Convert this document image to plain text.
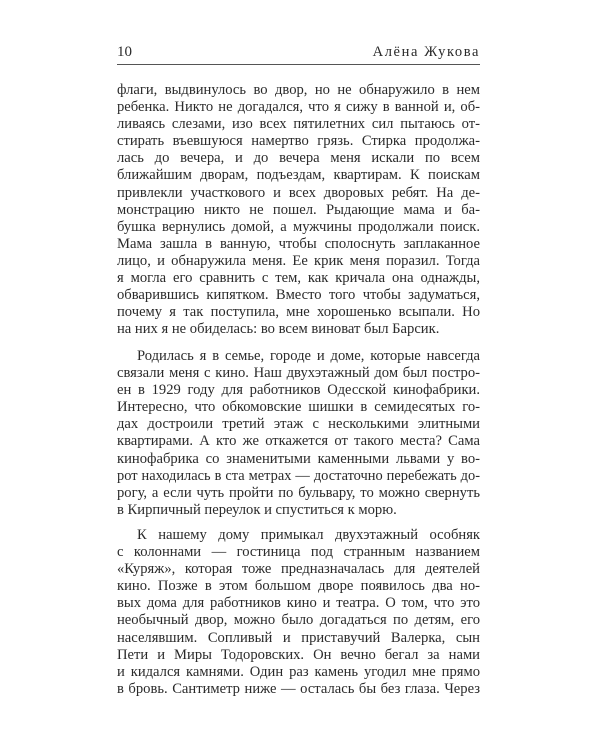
10	Алёна Жукова
флаги, выдвинулось во двор, но не обнаружило в нем
ребенка. Никто не догадался, что я сижу в ванной и, об-
ливаясь слезами, изо всех пятилетних сил пытаюсь от-
стирать въевшуюся намертво грязь. Стирка продолжа-
лась до вечера, и до вечера меня искали по всем
ближайшим дворам, подъездам, квартирам. К поискам
привлекли участкового и всех дворовых ребят. На де-
монстрацию никто не пошел. Рыдающие мама и ба-
бушка вернулись домой, а мужчины продолжали поиск.
Мама зашла в ванную, чтобы сполоснуть заплаканное
лицо, и обнаружила меня. Ее крик меня поразил. Тогда
я могла его сравнить с тем, как кричала она однажды,
обварившись кипятком. Вместо того чтобы задуматься,
почему я так поступила, мне хорошенько всыпали. Но
на них я не обиделась: во всем виноват был Барсик.
Родилась я в семье, городе и доме, которые навсегда
связали меня с кино. Наш двухэтажный дом был постро-
ен в 1929 году для работников Одесской кинофабрики.
Интересно, что обкомовские шишки в семидесятых го-
дах достроили третий этаж с несколькими элитными
квартирами. А кто же откажется от такого места? Сама
кинофабрика со знаменитыми каменными львами у во-
рот находилась в ста метрах — достаточно перебежать до-
рогу, а если чуть пройти по бульвару, то можно свернуть
в Кирпичный переулок и спуститься к морю.
К нашему дому примыкал двухэтажный особняк
с колоннами — гостиница под странным названием
«Куряж», которая тоже предназначалась для деятелей
кино. Позже в этом большом дворе появилось два но-
вых дома для работников кино и театра. О том, что это
необычный двор, можно было догадаться по детям, его
населявшим. Сопливый и приставучий Валерка, сын
Пети и Миры Тодоровских. Он вечно бегал за нами
и кидался камнями. Один раз камень угодил мне прямо
в бровь. Сантиметр ниже — осталась бы без глаза. Через
